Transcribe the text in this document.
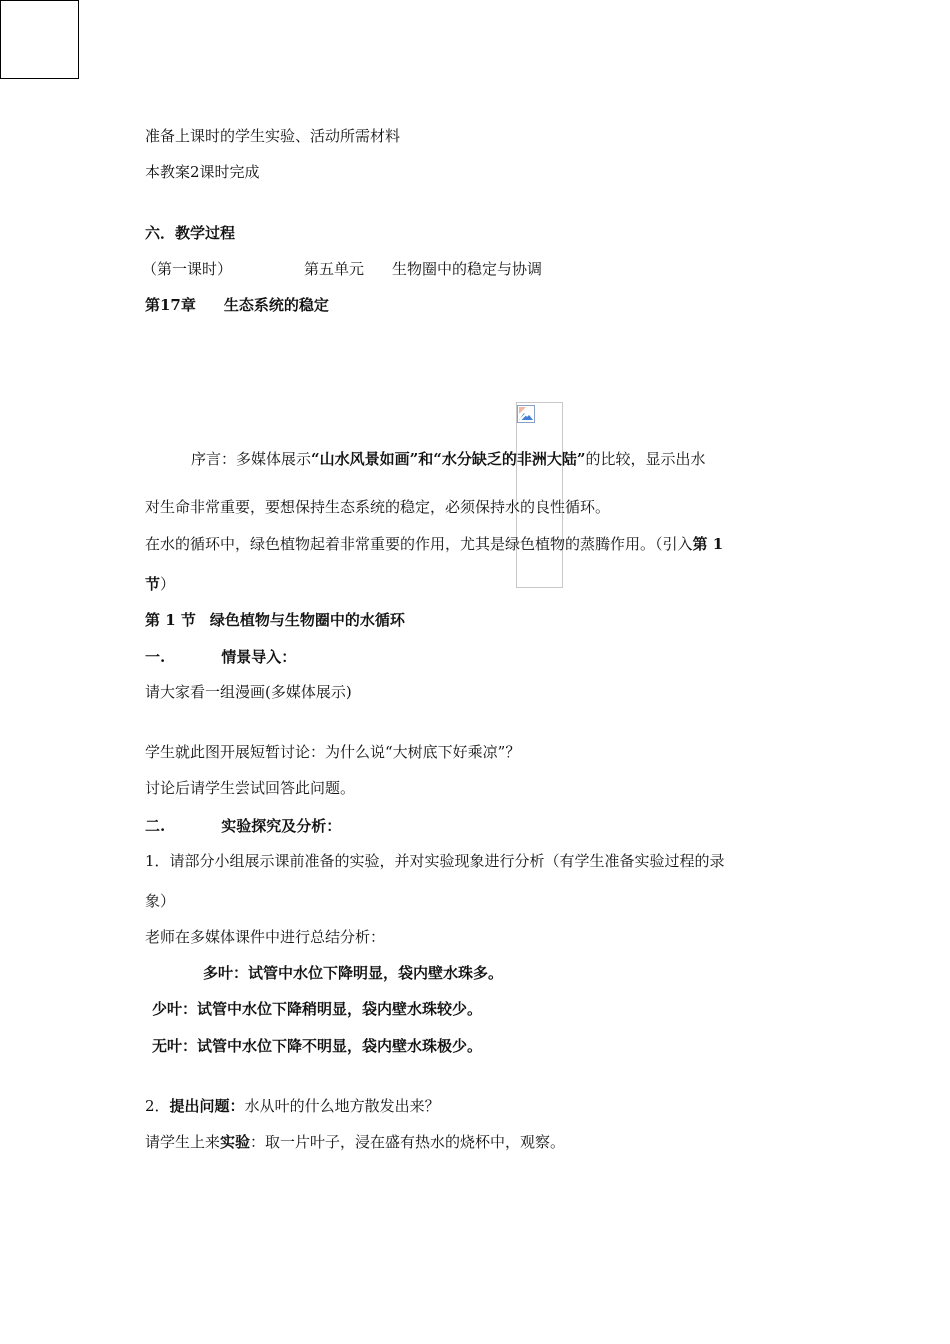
准备上课时的学生实验、活动所需材料
本教案2课时完成
六．教学过程
（第一课时）	第五单元 生物圈中的稳定与协调
第17章 生态系统的稳定
序言：多媒体展示“山水风景如画”和“水分缺乏的非洲大陆”的比较，显示出水
对生命非常重要，要想保持生态系统的稳定，必须保持水的良性循环。
在水的循环中，绿色植物起着非常重要的作用，尤其是绿色植物的蒸腾作用。（引入第 1
节）
第 1 节 绿色植物与生物圈中的水循环
一.	情景导入：
请大家看一组漫画(多媒体展示)
学生就此图开展短暂讨论：为什么说“大树底下好乘凉”？
讨论后请学生尝试回答此问题。
二.	实验探究及分析：
1．请部分小组展示课前准备的实验，并对实验现象进行分析（有学生准备实验过程的录
象）
老师在多媒体课件中进行总结分析：
多叶：试管中水位下降明显，袋内壁水珠多。
少叶：试管中水位下降稍明显，袋内壁水珠较少。
无叶：试管中水位下降不明显，袋内壁水珠极少。
2．提出问题：水从叶的什么地方散发出来？
请学生上来实验：取一片叶子，浸在盛有热水的烧杯中，观察。
